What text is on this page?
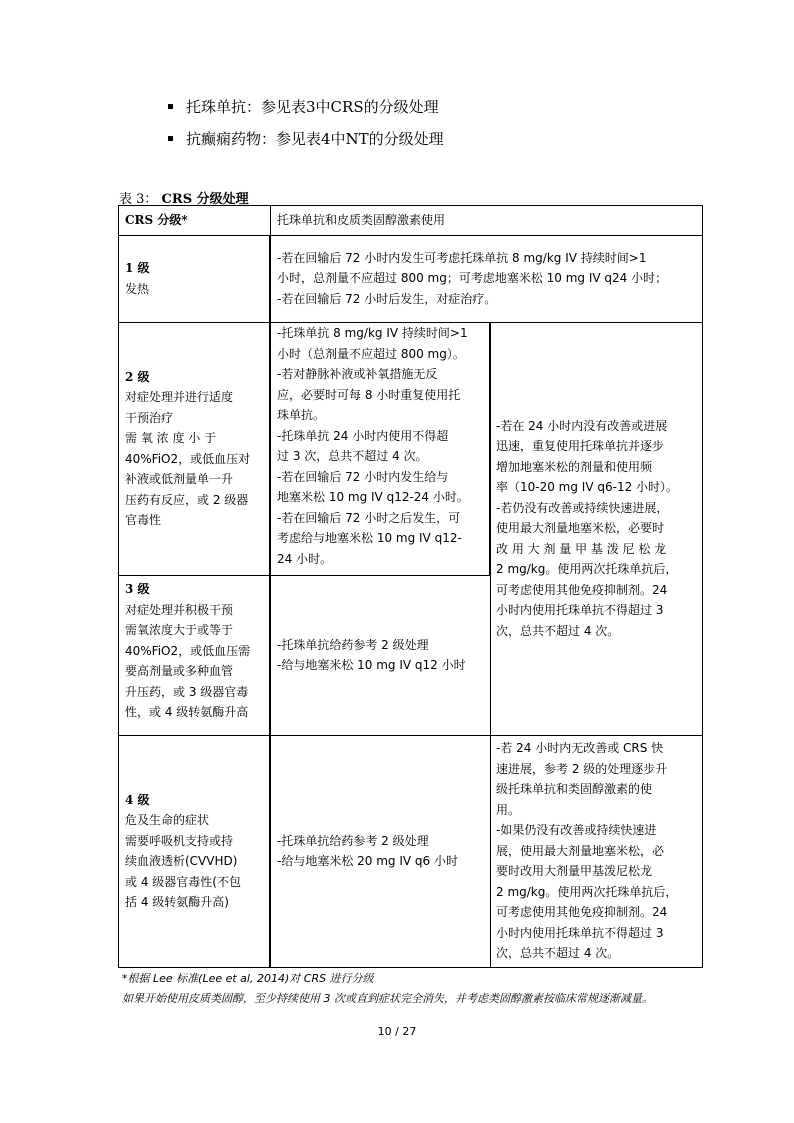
托珠单抗：参见表3中CRS的分级处理
抗癫痫药物：参见表4中NT的分级处理
表 3： CRS 分级处理
CRS 分级*	托珠单抗和皮质类固醇激素使用
1 级
发热
-若在回输后 72 小时内发生可考虑托珠单抗 8 mg/kg IV 持续时间>1
小时，总剂量不应超过 800 mg；可考虑地塞米松 10 mg IV q24 小时；
-若在回输后 72 小时后发生，对症治疗。
2 级
对症处理并进行适度
干预治疗
需 氧 浓 度 小 于
40%FiO2，或低血压对
补液或低剂量单一升
压药有反应，或 2 级器
官毒性
-托珠单抗 8 mg/kg IV 持续时间>1
小时（总剂量不应超过 800 mg）。
-若对静脉补液或补氧措施无反
应，必要时可每 8 小时重复使用托
珠单抗。
-托珠单抗 24 小时内使用不得超
过 3 次，总共不超过 4 次。
-若在回输后 72 小时内发生给与
地塞米松 10 mg IV q12-24 小时。
-若在回输后 72 小时之后发生，可
考虑给与地塞米松 10 mg IV q12-
24 小时。
-若在 24 小时内没有改善或进展
迅速，重复使用托珠单抗并逐步
增加地塞米松的剂量和使用频
率（10-20 mg IV q6-12 小时）。
-若仍没有改善或持续快速进展，
使用最大剂量地塞米松，必要时
改 用 大 剂 量 甲 基 泼 尼 松 龙
2 mg/kg。使用两次托珠单抗后，
可考虑使用其他免疫抑制剂。24
小时内使用托珠单抗不得超过 3
次，总共不超过 4 次。
3 级
对症处理并积极干预
需氧浓度大于或等于
40%FiO2，或低血压需
要高剂量或多种血管
升压药，或 3 级器官毒
性，或 4 级转氨酶升高
-托珠单抗给药参考 2 级处理
-给与地塞米松 10 mg IV q12 小时
4 级
危及生命的症状
需要呼吸机支持或持
续血液透析(CVVHD)
或 4 级器官毒性(不包
括 4 级转氨酶升高)
-托珠单抗给药参考 2 级处理
-给与地塞米松 20 mg IV q6 小时
-若 24 小时内无改善或 CRS 快
速进展，参考 2 级的处理逐步升
级托珠单抗和类固醇激素的使
用。
-如果仍没有改善或持续快速进
展，使用最大剂量地塞米松，必
要时改用大剂量甲基泼尼松龙
2 mg/kg。使用两次托珠单抗后，
可考虑使用其他免疫抑制剂。24
小时内使用托珠单抗不得超过 3
次，总共不超过 4 次。
*根据 Lee 标准(Lee et al, 2014)对 CRS 进行分级
如果开始使用皮质类固醇，至少持续使用 3 次或直到症状完全消失，并考虑类固醇激素按临床常规逐渐减量。
10 / 27
